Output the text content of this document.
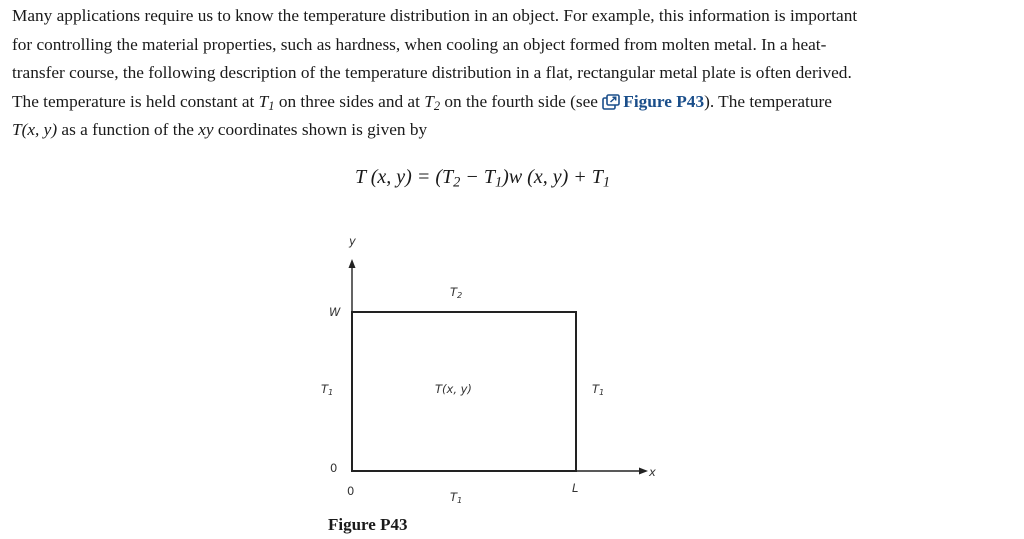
Many applications require us to know the temperature distribution in an object. For example, this information is important
for controlling the material properties, such as hardness, when cooling an object formed from molten metal. In a heat-
transfer course, the following description of the temperature distribution in a flat, rectangular metal plate is often derived.
The temperature is held constant at $T_1$ on three sides and at $T_2$ on the fourth side (see Figure P43). The temperature
T(x, y) as a function of the xy coordinates shown is given by

T (x, $y) = (T_2 - T_1)w$ (x, $y) + T_1$

y
x
W
0
0	L
$T_2$
$T_1$	$T_1$
$T_1$
T(x, y)

Figure P43
